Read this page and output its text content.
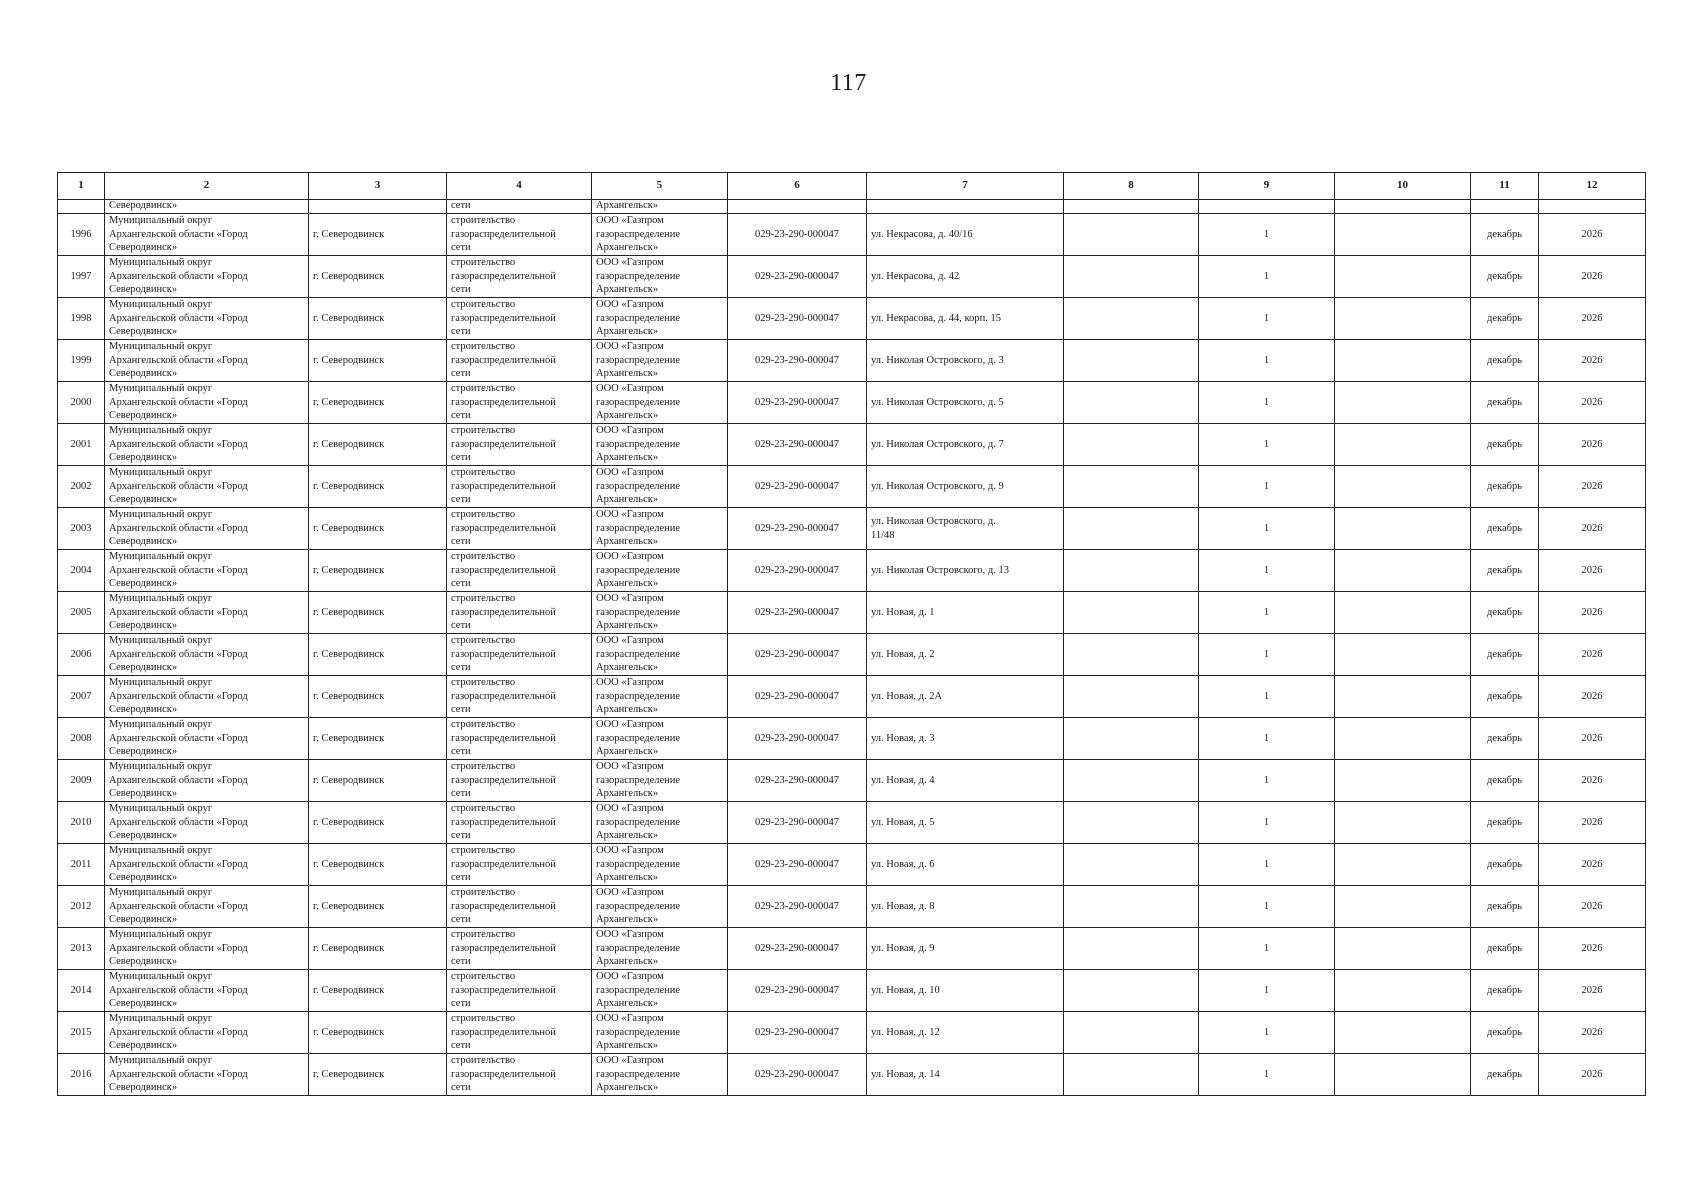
117
1	2	3	4	5	6	7	8	9	10	11	12
	Северодвинск»		сети	Архангельск»							

1996	Муниципальный округ
Архангельской области «Город
Северодвинск»	г. Северодвинск	строительство
газораспределительной
сети	ООО «Газпром
газораспределение
Архангельск»	029-23-290-000047	ул. Некрасова, д. 40/16		1		декабрь	2026

1997	Муниципальный округ
Архангельской области «Город
Северодвинск»	г. Северодвинск	строительство
газораспределительной
сети	ООО «Газпром
газораспределение
Архангельск»	029-23-290-000047	ул. Некрасова, д. 42		1		декабрь	2026

1998	Муниципальный округ
Архангельской области «Город
Северодвинск»	г. Северодвинск	строительство
газораспределительной
сети	ООО «Газпром
газораспределение
Архангельск»	029-23-290-000047	ул. Некрасова, д. 44, корп. 15		1		декабрь	2026

1999	Муниципальный округ
Архангельской области «Город
Северодвинск»	г. Северодвинск	строительство
газораспределительной
сети	ООО «Газпром
газораспределение
Архангельск»	029-23-290-000047	ул. Николая Островского, д. 3		1		декабрь	2026

2000	Муниципальный округ
Архангельской области «Город
Северодвинск»	г. Северодвинск	строительство
газораспределительной
сети	ООО «Газпром
газораспределение
Архангельск»	029-23-290-000047	ул. Николая Островского, д. 5		1		декабрь	2026

2001	Муниципальный округ
Архангельской области «Город
Северодвинск»	г. Северодвинск	строительство
газораспределительной
сети	ООО «Газпром
газораспределение
Архангельск»	029-23-290-000047	ул. Николая Островского, д. 7		1		декабрь	2026

2002	Муниципальный округ
Архангельской области «Город
Северодвинск»	г. Северодвинск	строительство
газораспределительной
сети	ООО «Газпром
газораспределение
Архангельск»	029-23-290-000047	ул. Николая Островского, д. 9		1		декабрь	2026

2003	Муниципальный округ
Архангельской области «Город
Северодвинск»	г. Северодвинск	строительство
газораспределительной
сети	ООО «Газпром
газораспределение
Архангельск»	029-23-290-000047	ул. Николая Островского, д.
11/48		1		декабрь	2026

2004	Муниципальный округ
Архангельской области «Город
Северодвинск»	г. Северодвинск	строительство
газораспределительной
сети	ООО «Газпром
газораспределение
Архангельск»	029-23-290-000047	ул. Николая Островского, д. 13		1		декабрь	2026

2005	Муниципальный округ
Архангельской области «Город
Северодвинск»	г. Северодвинск	строительство
газораспределительной
сети	ООО «Газпром
газораспределение
Архангельск»	029-23-290-000047	ул. Новая, д. 1		1		декабрь	2026

2006	Муниципальный округ
Архангельской области «Город
Северодвинск»	г. Северодвинск	строительство
газораспределительной
сети	ООО «Газпром
газораспределение
Архангельск»	029-23-290-000047	ул. Новая, д. 2		1		декабрь	2026

2007	Муниципальный округ
Архангельской области «Город
Северодвинск»	г. Северодвинск	строительство
газораспределительной
сети	ООО «Газпром
газораспределение
Архангельск»	029-23-290-000047	ул. Новая, д. 2А		1		декабрь	2026

2008	Муниципальный округ
Архангельской области «Город
Северодвинск»	г. Северодвинск	строительство
газораспределительной
сети	ООО «Газпром
газораспределение
Архангельск»	029-23-290-000047	ул. Новая, д. 3		1		декабрь	2026

2009	Муниципальный округ
Архангельской области «Город
Северодвинск»	г. Северодвинск	строительство
газораспределительной
сети	ООО «Газпром
газораспределение
Архангельск»	029-23-290-000047	ул. Новая, д. 4		1		декабрь	2026

2010	Муниципальный округ
Архангельской области «Город
Северодвинск»	г. Северодвинск	строительство
газораспределительной
сети	ООО «Газпром
газораспределение
Архангельск»	029-23-290-000047	ул. Новая, д. 5		1		декабрь	2026

2011	Муниципальный округ
Архангельской области «Город
Северодвинск»	г. Северодвинск	строительство
газораспределительной
сети	ООО «Газпром
газораспределение
Архангельск»	029-23-290-000047	ул. Новая, д. 6		1		декабрь	2026

2012	Муниципальный округ
Архангельской области «Город
Северодвинск»	г. Северодвинск	строительство
газораспределительной
сети	ООО «Газпром
газораспределение
Архангельск»	029-23-290-000047	ул. Новая, д. 8		1		декабрь	2026

2013	Муниципальный округ
Архангельской области «Город
Северодвинск»	г. Северодвинск	строительство
газораспределительной
сети	ООО «Газпром
газораспределение
Архангельск»	029-23-290-000047	ул. Новая, д. 9		1		декабрь	2026

2014	Муниципальный округ
Архангельской области «Город
Северодвинск»	г. Северодвинск	строительство
газораспределительной
сети	ООО «Газпром
газораспределение
Архангельск»	029-23-290-000047	ул. Новая, д. 10		1		декабрь	2026

2015	Муниципальный округ
Архангельской области «Город
Северодвинск»	г. Северодвинск	строительство
газораспределительной
сети	ООО «Газпром
газораспределение
Архангельск»	029-23-290-000047	ул. Новая, д. 12		1		декабрь	2026

2016	Муниципальный округ
Архангельской области «Город
Северодвинск»	г. Северодвинск	строительство
газораспределительной
сети	ООО «Газпром
газораспределение
Архангельск»	029-23-290-000047	ул. Новая, д. 14		1		декабрь	2026
